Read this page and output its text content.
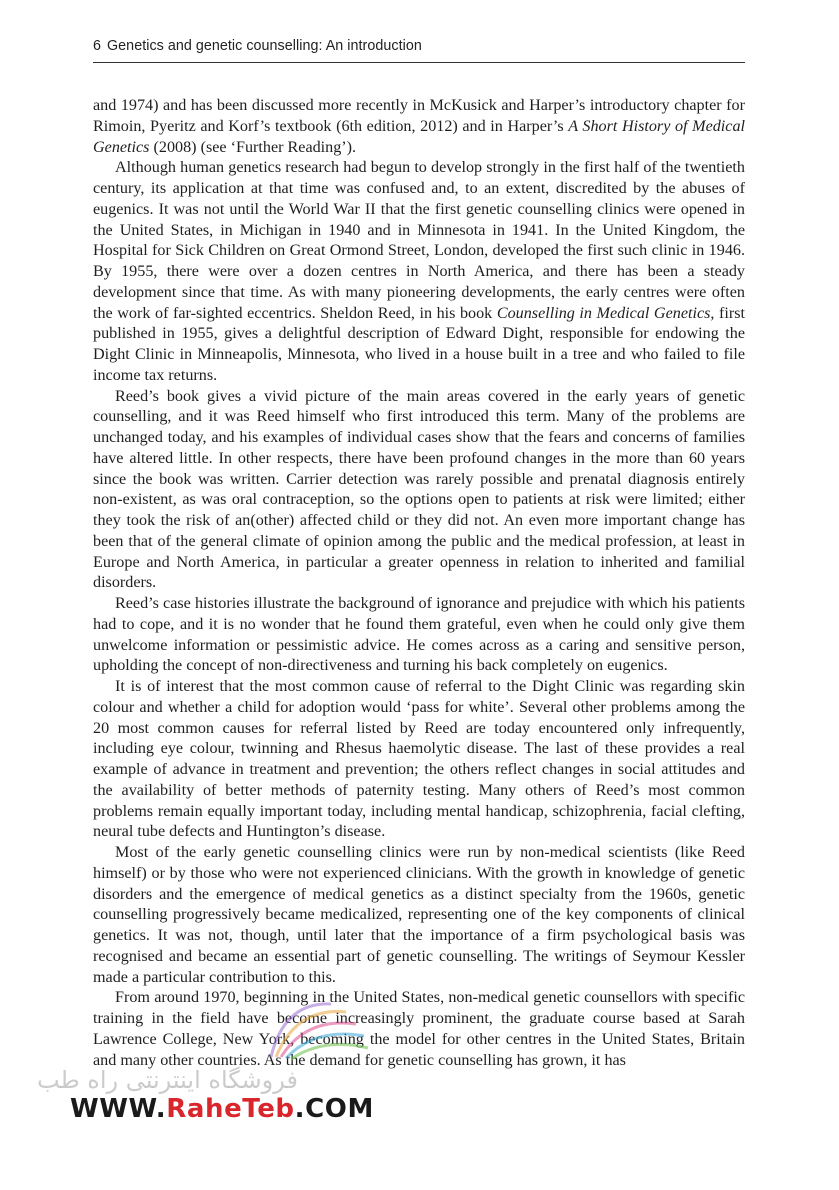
6 Genetics and genetic counselling: An introduction

and 1974) and has been discussed more recently in McKusick and Harper’s introductory chapter for Rimoin, Pyeritz and Korf’s textbook (6th edition, 2012) and in Harper’s A Short History of Medical Genetics (2008) (see ‘Further Reading’).

Although human genetics research had begun to develop strongly in the first half of the twentieth century, its application at that time was confused and, to an extent, discredited by the abuses of eugenics. It was not until the World War II that the first genetic counselling clinics were opened in the United States, in Michigan in 1940 and in Minnesota in 1941. In the United Kingdom, the Hospital for Sick Children on Great Ormond Street, London, developed the first such clinic in 1946. By 1955, there were over a dozen centres in North America, and there has been a steady development since that time. As with many pioneering developments, the early centres were often the work of far-sighted eccentrics. Sheldon Reed, in his book Counselling in Medical Genetics, first published in 1955, gives a delightful description of Edward Dight, responsible for endowing the Dight Clinic in Minneapolis, Minnesota, who lived in a house built in a tree and who failed to file income tax returns.

Reed’s book gives a vivid picture of the main areas covered in the early years of genetic counselling, and it was Reed himself who first introduced this term. Many of the problems are unchanged today, and his examples of individual cases show that the fears and concerns of families have altered little. In other respects, there have been profound changes in the more than 60 years since the book was written. Carrier detection was rarely possible and prenatal diagnosis entirely non-existent, as was oral contraception, so the options open to patients at risk were limited; either they took the risk of an(other) affected child or they did not. An even more important change has been that of the general climate of opinion among the public and the medical profession, at least in Europe and North America, in particular a greater openness in relation to inherited and familial disorders.

Reed’s case histories illustrate the background of ignorance and prejudice with which his patients had to cope, and it is no wonder that he found them grateful, even when he could only give them unwelcome information or pessimistic advice. He comes across as a caring and sensitive person, upholding the concept of non-directiveness and turning his back completely on eugenics.

It is of interest that the most common cause of referral to the Dight Clinic was regarding skin colour and whether a child for adoption would ‘pass for white’. Several other problems among the 20 most common causes for referral listed by Reed are today encountered only infrequently, including eye colour, twinning and Rhesus haemolytic disease. The last of these provides a real example of advance in treatment and prevention; the others reflect changes in social attitudes and the availability of better methods of paternity testing. Many others of Reed’s most common problems remain equally important today, including mental handicap, schizophrenia, facial clefting, neural tube defects and Huntington’s disease.

Most of the early genetic counselling clinics were run by non-medical scientists (like Reed himself) or by those who were not experienced clinicians. With the growth in knowledge of genetic disorders and the emergence of medical genetics as a distinct specialty from the 1960s, genetic counselling progressively became medicalized, representing one of the key components of clinical genetics. It was not, though, until later that the importance of a firm psychological basis was recognised and became an essential part of genetic counselling. The writings of Seymour Kessler made a particular contribution to this.

From around 1970, beginning in the United States, non-medical genetic counsellors with specific training in the field have become increasingly prominent, the graduate course based at Sarah Lawrence College, New York, becoming the model for other centres in the United States, Britain and many other countries. As the demand for genetic counselling has grown, it has

فروشگاه اینترنتی راه طب
WWW.RaheTeb.COM
